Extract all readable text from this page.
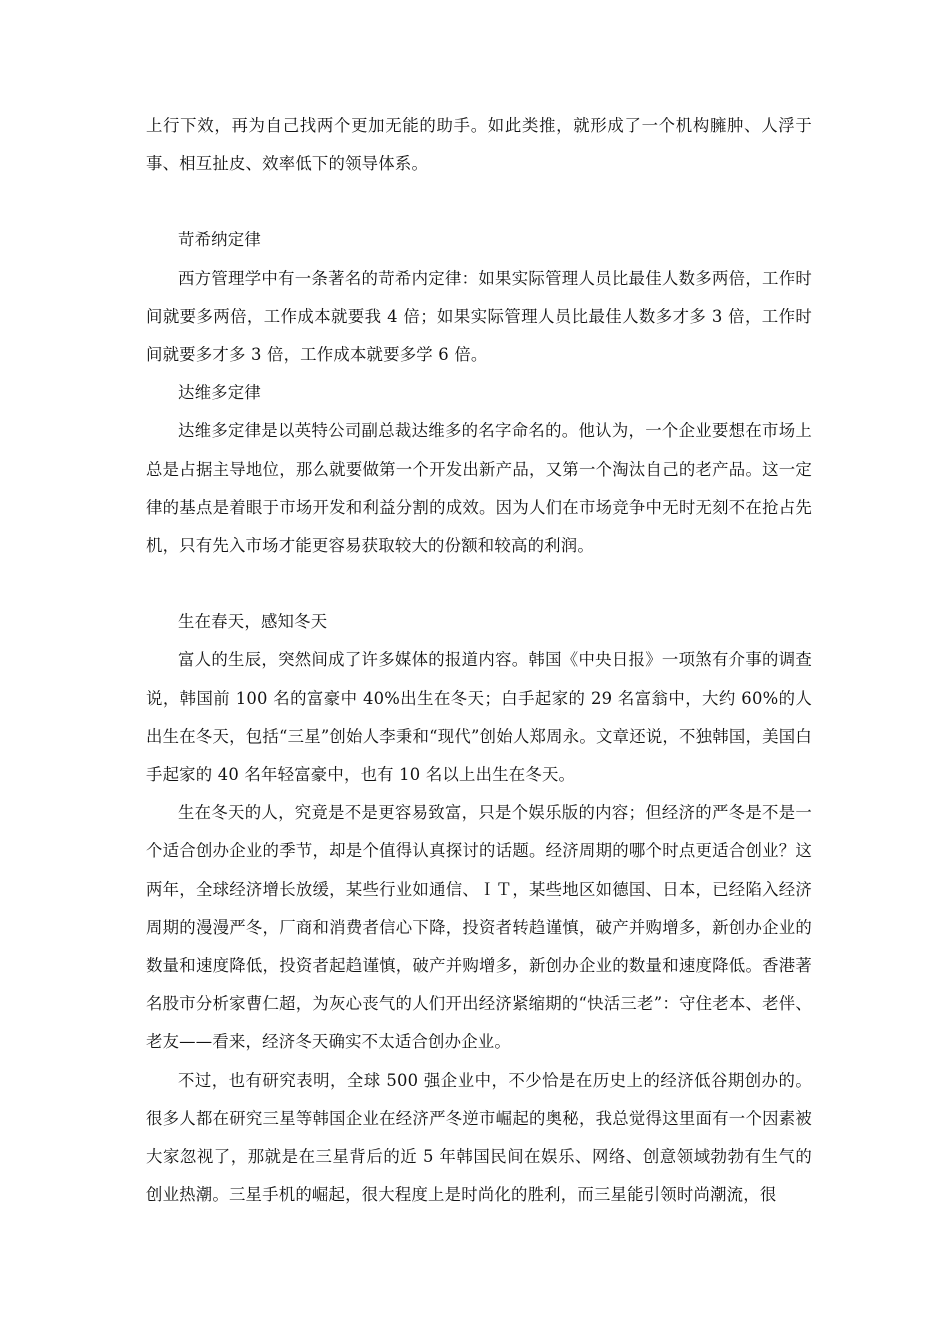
上行下效，再为自己找两个更加无能的助手。如此类推，就形成了一个机构臃肿、人浮于事、相互扯皮、效率低下的领导体系。

苛希纳定律

西方管理学中有一条著名的苛希内定律：如果实际管理人员比最佳人数多两倍，工作时间就要多两倍，工作成本就要我 4 倍；如果实际管理人员比最佳人数多才多 3 倍，工作时间就要多才多 3 倍，工作成本就要多学 6 倍。

达维多定律

达维多定律是以英特公司副总裁达维多的名字命名的。他认为，一个企业要想在市场上总是占据主导地位，那么就要做第一个开发出新产品，又第一个淘汰自己的老产品。这一定律的基点是着眼于市场开发和利益分割的成效。因为人们在市场竞争中无时无刻不在抢占先机，只有先入市场才能更容易获取较大的份额和较高的利润。

生在春天，感知冬天

富人的生辰，突然间成了许多媒体的报道内容。韩国《中央日报》一项煞有介事的调查说，韩国前 100 名的富豪中 40%出生在冬天；白手起家的 29 名富翁中，大约 60%的人出生在冬天，包括“三星”创始人李秉和“现代”创始人郑周永。文章还说，不独韩国，美国白手起家的 40 名年轻富豪中，也有 10 名以上出生在冬天。

生在冬天的人，究竟是不是更容易致富，只是个娱乐版的内容；但经济的严冬是不是一个适合创办企业的季节，却是个值得认真探讨的话题。经济周期的哪个时点更适合创业？这两年，全球经济增长放缓，某些行业如通信、ＩＴ，某些地区如德国、日本，已经陷入经济周期的漫漫严冬，厂商和消费者信心下降，投资者转趋谨慎，破产并购增多，新创办企业的数量和速度降低，投资者起趋谨慎，破产并购增多，新创办企业的数量和速度降低。香港著名股市分析家曹仁超，为灰心丧气的人们开出经济紧缩期的“快活三老”：守住老本、老伴、老友——看来，经济冬天确实不太适合创办企业。

不过，也有研究表明，全球 500 强企业中，不少恰是在历史上的经济低谷期创办的。很多人都在研究三星等韩国企业在经济严冬逆市崛起的奥秘，我总觉得这里面有一个因素被大家忽视了，那就是在三星背后的近 5 年韩国民间在娱乐、网络、创意领域勃勃有生气的创业热潮。三星手机的崛起，很大程度上是时尚化的胜利，而三星能引领时尚潮流，很
